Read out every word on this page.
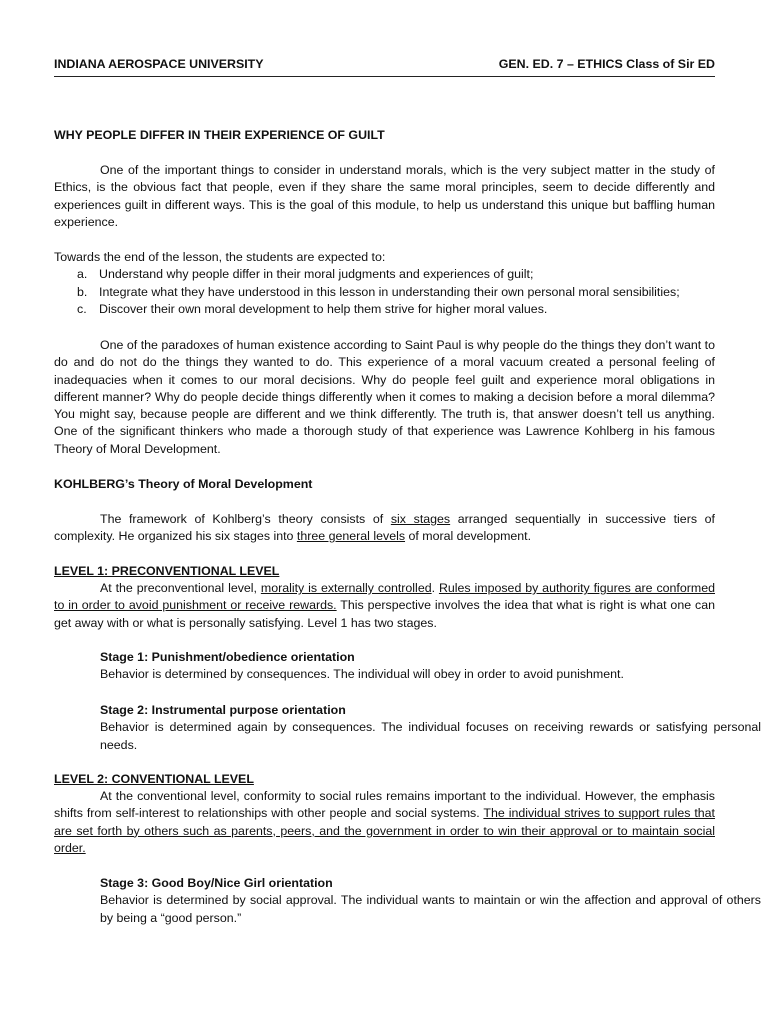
INDIANA AEROSPACE UNIVERSITY	GEN. ED. 7 – ETHICS Class of Sir ED
WHY PEOPLE DIFFER IN THEIR EXPERIENCE OF GUILT

One of the important things to consider in understand morals, which is the very subject matter in the study of Ethics, is the obvious fact that people, even if they share the same moral principles, seem to decide differently and experiences guilt in different ways. This is the goal of this module, to help us understand this unique but baffling human experience.

Towards the end of the lesson, the students are expected to:

a. Understand why people differ in their moral judgments and experiences of guilt;
b. Integrate what they have understood in this lesson in understanding their own personal moral sensibilities;
c. Discover their own moral development to help them strive for higher moral values.

One of the paradoxes of human existence according to Saint Paul is why people do the things they don’t want to do and do not do the things they wanted to do. This experience of a moral vacuum created a personal feeling of inadequacies when it comes to our moral decisions. Why do people feel guilt and experience moral obligations in different manner? Why do people decide things differently when it comes to making a decision before a moral dilemma? You might say, because people are different and we think differently. The truth is, that answer doesn’t tell us anything. One of the significant thinkers who made a thorough study of that experience was Lawrence Kohlberg in his famous Theory of Moral Development.

KOHLBERG’s Theory of Moral Development

The framework of Kohlberg’s theory consists of six stages arranged sequentially in successive tiers of complexity. He organized his six stages into three general levels of moral development.

LEVEL 1: PRECONVENTIONAL LEVEL

At the preconventional level, morality is externally controlled. Rules imposed by authority figures are conformed to in order to avoid punishment or receive rewards. This perspective involves the idea that what is right is what one can get away with or what is personally satisfying. Level 1 has two stages.

Stage 1: Punishment/obedience orientation
Behavior is determined by consequences. The individual will obey in order to avoid punishment.
Stage 2: Instrumental purpose orientation
Behavior is determined again by consequences. The individual focuses on receiving rewards or satisfying personal needs.
LEVEL 2: CONVENTIONAL LEVEL

At the conventional level, conformity to social rules remains important to the individual. However, the emphasis shifts from self-interest to relationships with other people and social systems. The individual strives to support rules that are set forth by others such as parents, peers, and the government in order to win their approval or to maintain social order.

Stage 3: Good Boy/Nice Girl orientation
Behavior is determined by social approval. The individual wants to maintain or win the affection and approval of others by being a “good person.”
